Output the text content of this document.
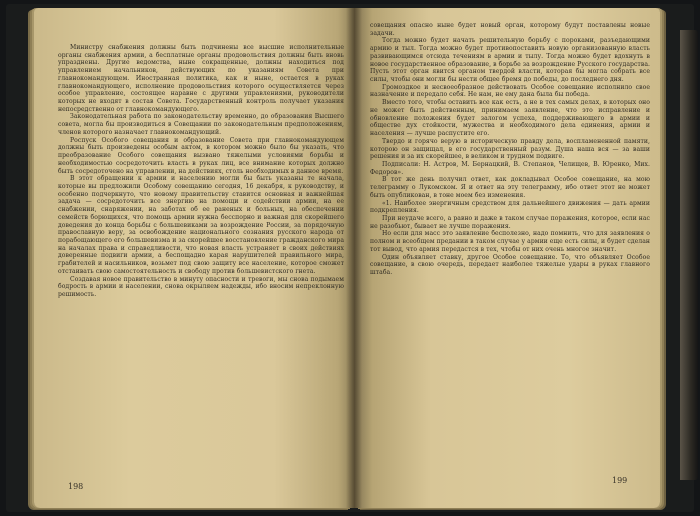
Министру снабжения должны быть подчинены все высшие исполнительные органы снабжения армии, а бесплатные органы продовольствия должны быть вновь упразднены. Другие ведомства, ныне сокращенные, должны находиться под управлением начальников, действующих по указаниям Совета при главнокомандующем. Иностранная политика, как и ныне, остается в руках главнокомандующего, исполнение продовольствия которого осуществляется через особое управление, состоящее наравне с другими управлениями, руководители которых не входят в состав Совета. Государственный контроль получает указания непосредственно от главнокомандующего.

Законодательная работа по законодательству временно, до образования Высшего совета, могла бы производиться в Совещании по законодательным предположениям, членов которого назначает главнокомандующий.

Роспуск Особого совещания и образование Совета при главнокомандующем должны быть произведены особым актом, в котором можно было бы указать, что преобразование Особого совещания вызвано тяжелыми условиями борьбы и необходимостью сосредоточить власть в руках лиц, все внимание которых должно быть сосредоточено на управлении, на действиях, столь необходимых в данное время.

В этот обращении к армии и населению могли бы быть указаны те начала, которые вы предложили Особому совещанию сегодня, 16 декабря, к руководству, и особенно подчеркнуто, что новому правительству ставится основная и важнейшая задача — сосредоточить все энергию на помощи и содействии армии, на ее снабжении, снаряжении, на заботах об ее раненых и больных, на обеспечении семейств борющихся, что помощь армии нужна бесспорно и важная для скорейшего доведения до конца борьбы с большевиками за возрождение России, за порядочную православную веру, за освобождение национального сознания русского народа от порабощающего его большевизма и за скорейшее восстановление гражданского мира на началах права и справедливости, что новая власть устраняет в своих действиях доверенные подвиги армии, а беспощадно карая нарушителей правильного мира, грабителей и насильников, возьмет под свою защиту все население, которое сможет отстаивать свою самостоятельность и свободу против большевистского гнета.

Создавая новое правительство в минуту опасности и тревоги, мы снова подымаем бодрость в армии и населении, снова окрыляем надежды, ибо вносим непреклонную решимость.

198

совещания опасно ныне будет новый орган, которому будут поставлены новые задачи.

Тогда можно будет начать решительную борьбу с пороками, разъедающими армию и тыл. Тогда можно будет противопоставить новую организованную власть развивающимся отсюда течениям в армии и тылу. Тогда можно будет вдохнуть в новое государственное образование, в борьбе за возрождение Русского государства. Пусть этот орган явится органом твердой власти, которая бы могла собрать все силы, чтобы они могли бы нести общее бремя до победы, до последнего дня.

Громоздкое и несвоеобразное действовать Особое совещание исполнило свое назначение и передало себя. Не нам, не ему дана была бы победа.

Вместо того, чтобы оставить все как есть, а не в тех самых делах, в которых оно не может быть действенным, принимаем заявление, что это исправление и обновление положения будет залогом успеха, поддерживающего в армии и обществе дух стойкости, мужества и необходимого дела единения, армии и населения — лучше распустите его.

Твердо и горячо верую в историческую правду дела, воспламененной памяти, которою он защищал, в его государственный разум. Душа наша вся — за ваши решения и за их скорейшее, в великом и трудном подвиге.

Подписали: Н. Астров, М. Бернацкий, В. Степанов, Челищев, В. Юренко, Мих. Федоров».

В тот же день получил ответ, как докладывал Особое совещание, на мою телеграмму о Лукомском. Я и ответ на эту телеграмму, ибо ответ этот не может быть опубликован, в тоне моем без изменения.

«1. Наиболее энергичным средством для дальнейшего движения — дать армии подкрепления.

При неудаче всего, а равно и даже в таком случае поражения, которое, если нас не разобьют, бывает не лучше поражения.

Но если для масс это заявление бесполезно, надо помнить, что для заявления о полном и всеобщем предании в таком случае у армии еще есть силы, и будет сделан тот вывод, что армия передастся в тех, чтобы от них очень многое значит.

Один объявляет ставку, другое Особое совещание. То, что объявляет Особое совещание, в свою очередь, передает наиболее тяжелые удары в руках главного штаба.

199
